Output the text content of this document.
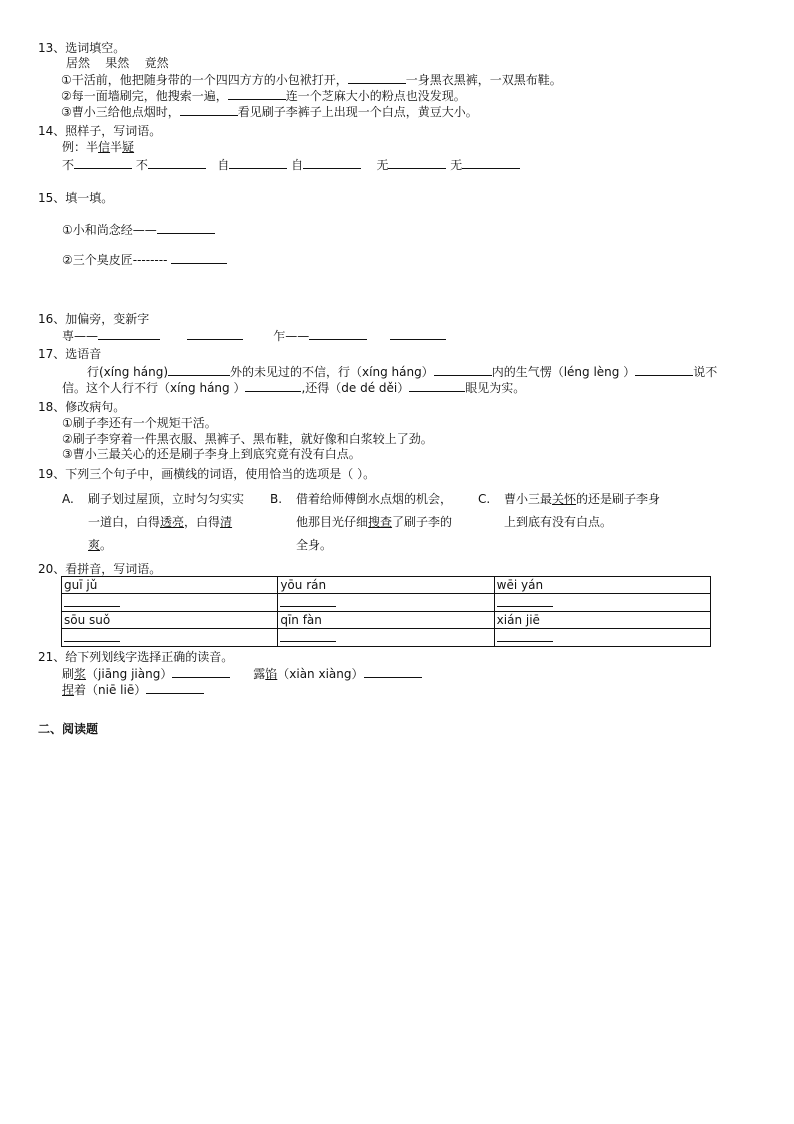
13、选词填空。
居然 果然 竟然
①干活前，他把随身带的一个四四方方的小包袱打开，	一身黑衣黑裤，一双黑布鞋。
②每一面墙刷完，他搜索一遍，	连一个芝麻大小的粉点也没发现。
③曹小三给他点烟时，	看见刷子李裤子上出现一个白点，黄豆大小。
14、照样子，写词语。
例：半信半疑
不	不	自	自	无	无
15、填一填。
①小和尚念经——
②三个臭皮匠--------
16、加偏旁，变新字
専——	乍——
17、选语音
行(xíng háng)	外的未见过的不信，行（xíng háng）	内的生气愣（léng lèng ）	说不
信。这个人行不行（xíng háng ）	,还得（de dé děi）	眼见为实。
18、修改病句。
①刷子李还有一个规矩干活。
②刷子李穿着一件黑衣服、黑裤子、黑布鞋，就好像和白浆较上了劲。
③曹小三最关心的还是刷子李身上到底究竟有没有白点。
19、下列三个句子中，画横线的词语，使用恰当的选项是（ ）。
A. 刷子划过屋顶，立时匀匀实实
一道白，白得透亮，白得清
爽。
B. 借着给师傅倒水点烟的机会，
他那目光仔细搜查了刷子李的
全身。
C. 曹小三最关怀的还是刷子李身
上到底有没有白点。
20、看拼音，写词语。
guī jǔ	yōu rán	wēi yán

sōu suǒ	qīn fàn	xián jiē

21、给下列划线字选择正确的读音。
刷浆（jiāng jiàng）	露馅（xiàn xiàng）
捏着（niē liē）
二、阅读题
